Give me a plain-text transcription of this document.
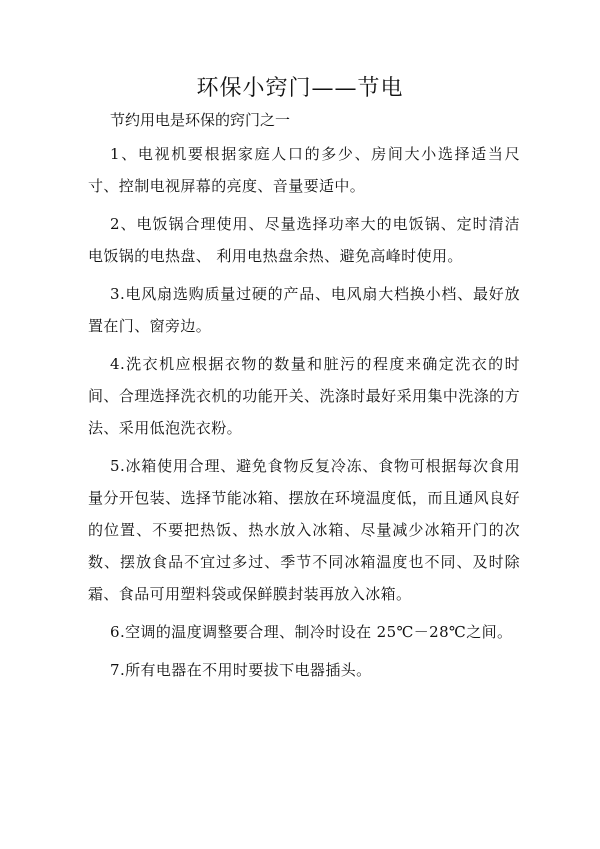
环保小窍门——节电

节约用电是环保的窍门之一

1、电视机要根据家庭人口的多少、房间大小选择适当尺寸、控制电视屏幕的亮度、音量要适中。

2、电饭锅合理使用、尽量选择功率大的电饭锅、定时清洁电饭锅的电热盘、 利用电热盘余热、避免高峰时使用。

3.电风扇选购质量过硬的产品、电风扇大档换小档、最好放置在门、窗旁边。

4.洗衣机应根据衣物的数量和脏污的程度来确定洗衣的时间、合理选择洗衣机的功能开关、洗涤时最好采用集中洗涤的方法、采用低泡洗衣粉。

5.冰箱使用合理、避免食物反复冷冻、食物可根据每次食用量分开包装、选择节能冰箱、摆放在环境温度低，而且通风良好的位置、不要把热饭、热水放入冰箱、尽量减少冰箱开门的次数、摆放食品不宜过多过、季节不同冰箱温度也不同、及时除霜、食品可用塑料袋或保鲜膜封装再放入冰箱。

6.空调的温度调整要合理、制冷时设在 25℃－28℃之间。

7.所有电器在不用时要拔下电器插头。
